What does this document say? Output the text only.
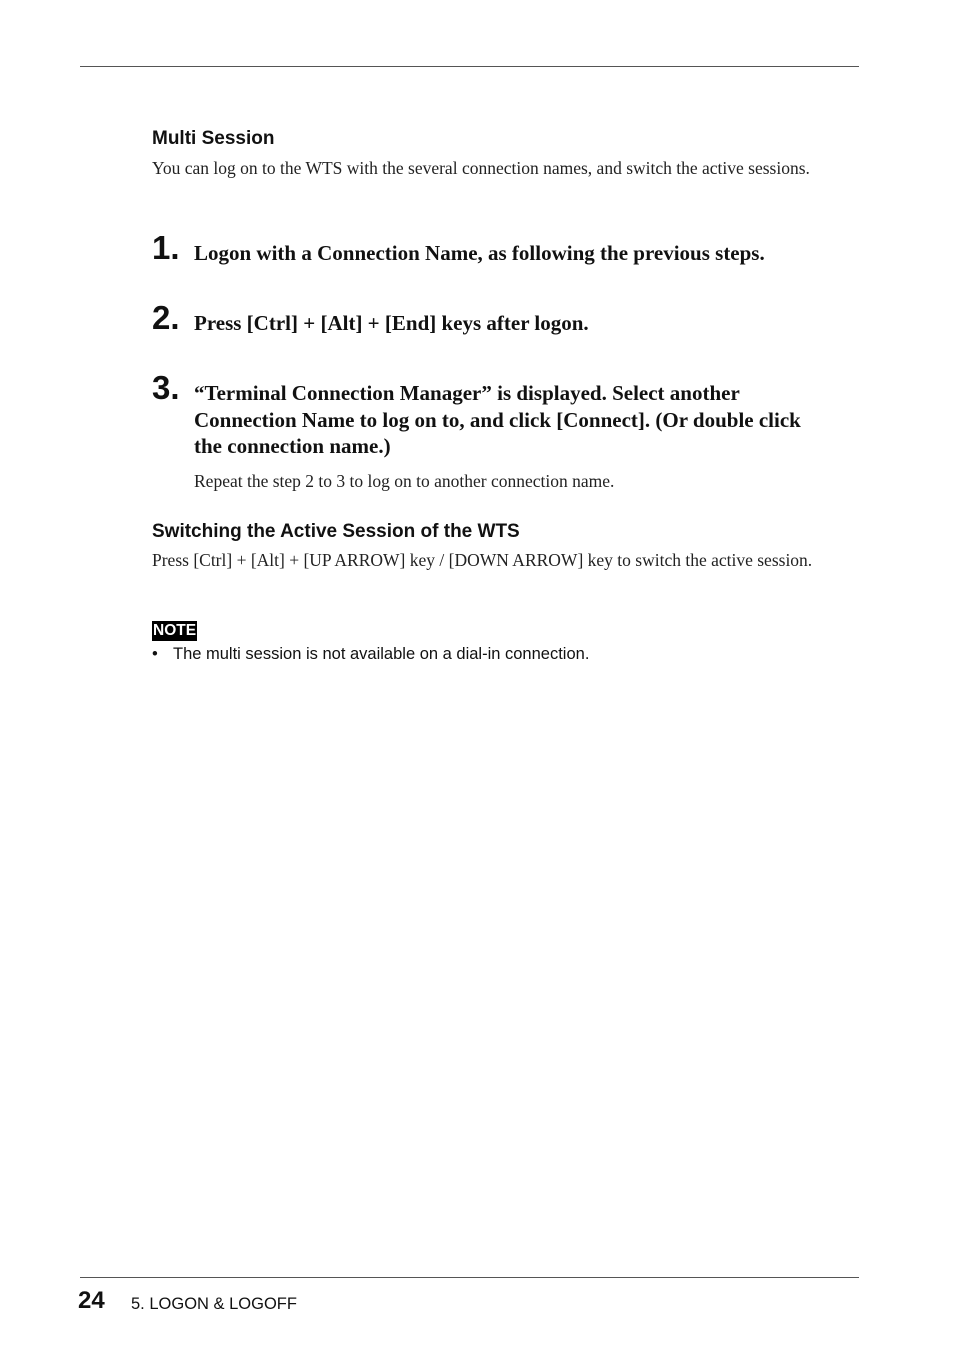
Multi Session

You can log on to the WTS with the several connection names, and switch the active sessions.

1. Logon with a Connection Name, as following the previous steps.

2. Press [Ctrl] + [Alt] + [End] keys after logon.

3. “Terminal Connection Manager” is displayed. Select another Connection Name to log on to, and click [Connect]. (Or double click the connection name.)

Repeat the step 2 to 3 to log on to another connection name.

Switching the Active Session of the WTS

Press [Ctrl] + [Alt] + [UP ARROW] key / [DOWN ARROW] key to switch the active session.

NOTE
• The multi session is not available on a dial-in connection.
24 5. LOGON & LOGOFF
